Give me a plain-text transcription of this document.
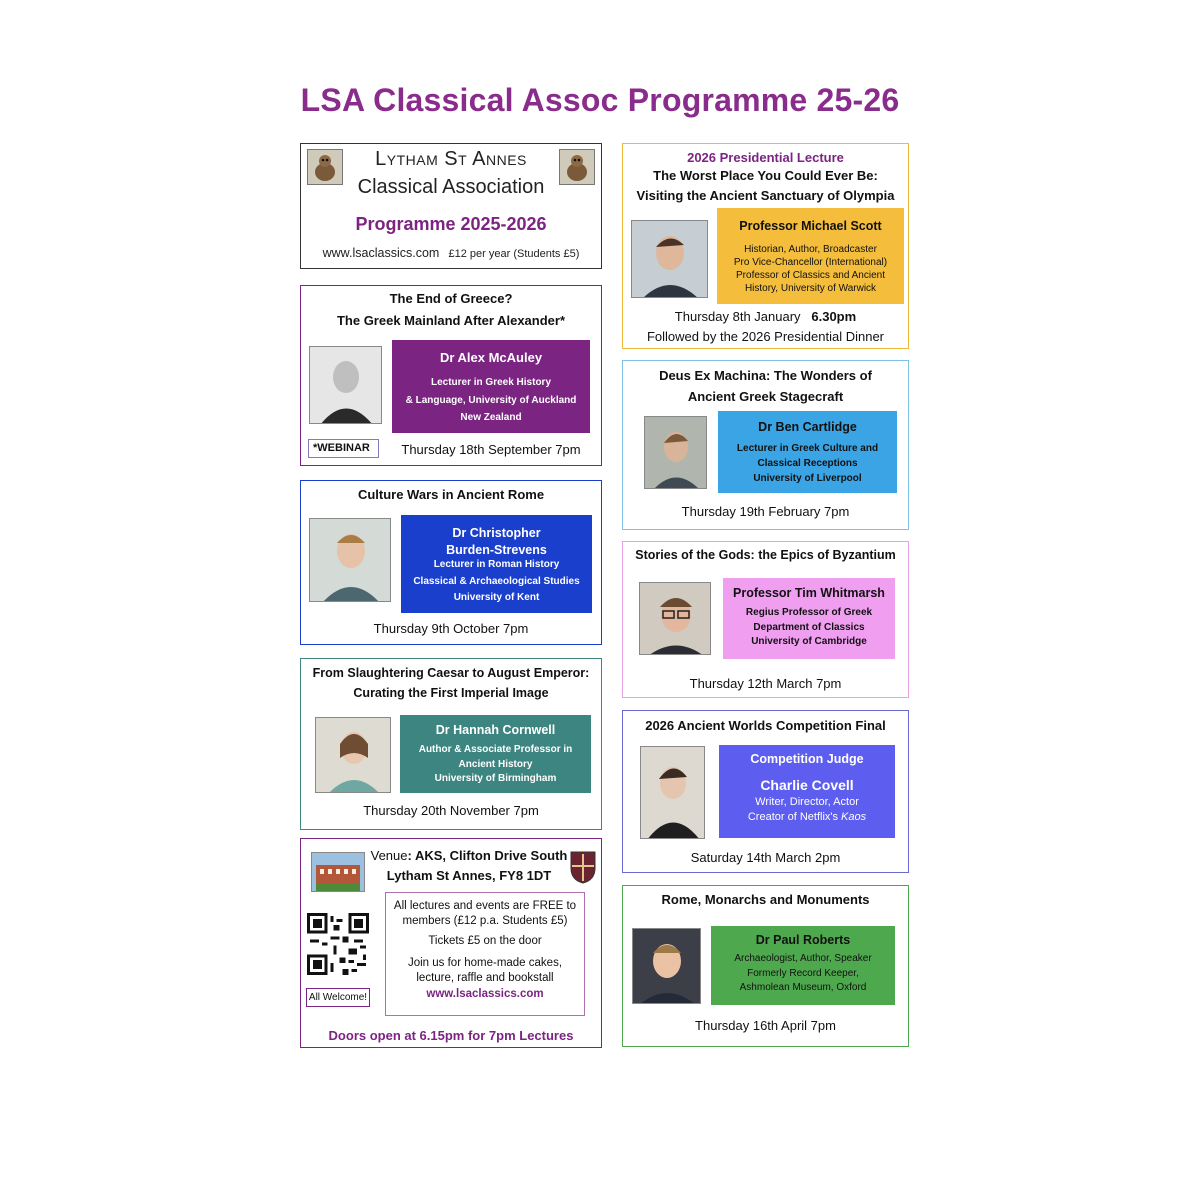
LSA Classical Assoc Programme 25-26
Lytham St Annes
Classical Association
Programme 2025-2026
www.lsaclassics.com £12 per year (Students £5)
The End of Greece?
The Greek Mainland After Alexander*
Dr Alex McAuley
Lecturer in Greek History
& Language, University of Auckland
New Zealand
*WEBINAR	Thursday 18th September 7pm
Culture Wars in Ancient Rome
Dr Christopher
Burden-Strevens
Lecturer in Roman History
Classical & Archaeological Studies
University of Kent
Thursday 9th October 7pm
From Slaughtering Caesar to August Emperor:
Curating the First Imperial Image
Dr Hannah Cornwell
Author & Associate Professor in
Ancient History
University of Birmingham
Thursday 20th November 7pm
Venue: AKS, Clifton Drive South
Lytham St Annes, FY8 1DT
All Welcome!
All lectures and events are FREE to
members (£12 p.a. Students £5)
Tickets £5 on the door
Join us for home-made cakes,
lecture, raffle and bookstall
www.lsaclassics.com
Doors open at 6.15pm for 7pm Lectures
2026 Presidential Lecture
The Worst Place You Could Ever Be:
Visiting the Ancient Sanctuary of Olympia
Professor Michael Scott
Historian, Author, Broadcaster
Pro Vice-Chancellor (International)
Professor of Classics and Ancient
History, University of Warwick
Thursday 8th January 6.30pm
Followed by the 2026 Presidential Dinner
Deus Ex Machina: The Wonders of
Ancient Greek Stagecraft
Dr Ben Cartlidge
Lecturer in Greek Culture and
Classical Receptions
University of Liverpool
Thursday 19th February 7pm
Stories of the Gods: the Epics of Byzantium
Professor Tim Whitmarsh
Regius Professor of Greek
Department of Classics
University of Cambridge
Thursday 12th March 7pm
2026 Ancient Worlds Competition Final
Competition Judge
Charlie Covell
Writer, Director, Actor
Creator of Netflix's Kaos
Saturday 14th March 2pm
Rome, Monarchs and Monuments
Dr Paul Roberts
Archaeologist, Author, Speaker
Formerly Record Keeper,
Ashmolean Museum, Oxford
Thursday 16th April 7pm
